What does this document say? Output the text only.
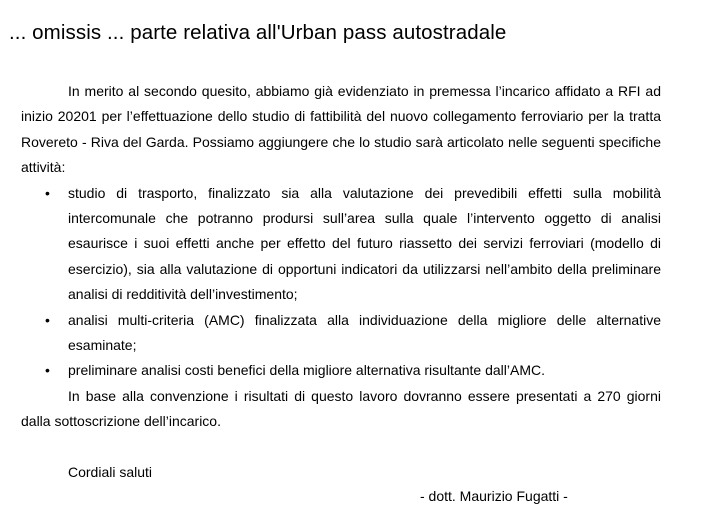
... omissis ... parte relativa all'Urban pass autostradale

In merito al secondo quesito, abbiamo già evidenziato in premessa l’incarico affidato a RFI ad inizio 20201 per l’effettuazione dello studio di fattibilità del nuovo collegamento ferroviario per la tratta Rovereto - Riva del Garda. Possiamo aggiungere che lo studio sarà articolato nelle seguenti specifiche attività:

• studio di trasporto, finalizzato sia alla valutazione dei prevedibili effetti sulla mobilità intercomunale che potranno prodursi sull’area sulla quale l’intervento oggetto di analisi esaurisce i suoi effetti anche per effetto del futuro riassetto dei servizi ferroviari (modello di esercizio), sia alla valutazione di opportuni indicatori da utilizzarsi nell’ambito della preliminare analisi di redditività dell’investimento;
• analisi multi-criteria (AMC) finalizzata alla individuazione della migliore delle alternative esaminate;
• preliminare analisi costi benefici della migliore alternativa risultante dall’AMC.

In base alla convenzione i risultati di questo lavoro dovranno essere presentati a 270 giorni dalla sottoscrizione dell’incarico.

Cordiali saluti

- dott. Maurizio Fugatti -
